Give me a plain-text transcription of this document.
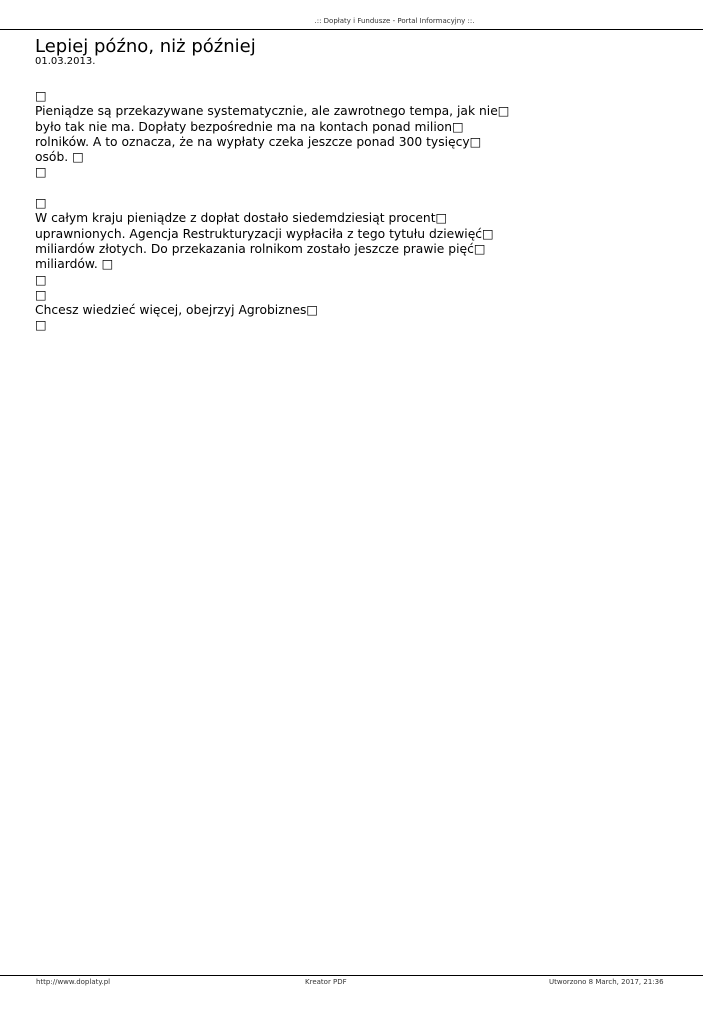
.:: Dopłaty i Fundusze - Portal Informacyjny ::.
Lepiej późno, niż później
01.03.2013.
□
Pieniądze są przekazywane systematycznie, ale zawrotnego tempa, jak nie□
było tak nie ma. Dopłaty bezpośrednie ma na kontach ponad milion□
rolników. A to oznacza, że na wypłaty czeka jeszcze ponad 300 tysięcy□
osób. □
□
□
W całym kraju pieniądze z dopłat dostało siedemdziesiąt procent□
uprawnionych. Agencja Restrukturyzacji wypłaciła z tego tytułu dziewięć□
miliardów złotych. Do przekazania rolnikom zostało jeszcze prawie pięć□
miliardów. □
□
□
Chcesz wiedzieć więcej, obejrzyj Agrobiznes□
□
http://www.doplaty.pl	Kreator PDF	Utworzono 8 March, 2017, 21:36
